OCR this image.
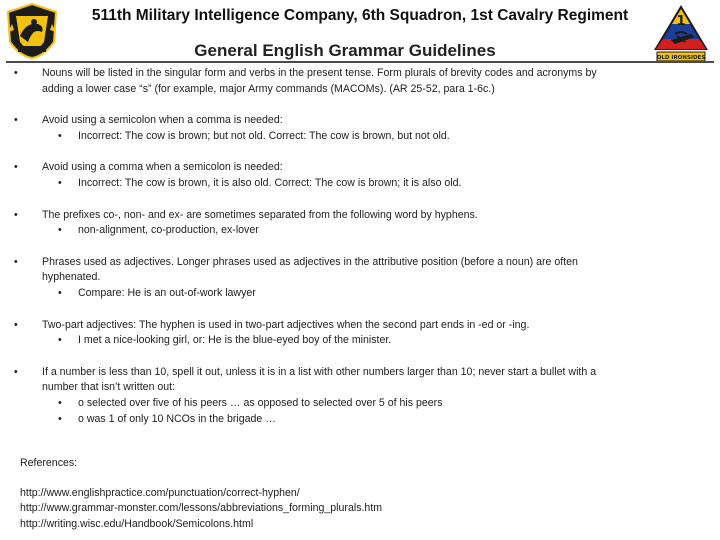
1
OLD IRONSIDES
511th Military Intelligence Company, 6th Squadron, 1st Cavalry Regiment
General English Grammar Guidelines
• Nouns will be listed in the singular form and verbs in the present tense. Form plurals of brevity codes and acronyms by
adding a lower case “s” (for example, major Army commands (MACOMs). (AR 25-52, para 1-6c.)
• Avoid using a semicolon when a comma is needed:
• Incorrect: The cow is brown; but not old. Correct: The cow is brown, but not old.
• Avoid using a comma when a semicolon is needed:
• Incorrect: The cow is brown, it is also old. Correct: The cow is brown; it is also old.
• The prefixes co-, non- and ex- are sometimes separated from the following word by hyphens.
• non-alignment, co-production, ex-lover
• Phrases used as adjectives. Longer phrases used as adjectives in the attributive position (before a noun) are often
hyphenated.
• Compare: He is an out-of-work lawyer
• Two-part adjectives: The hyphen is used in two-part adjectives when the second part ends in -ed or -ing.
• I met a nice-looking girl, or: He is the blue-eyed boy of the minister.
• If a number is less than 10, spell it out, unless it is in a list with other numbers larger than 10; never start a bullet with a
number that isn’t written out:
• o selected over five of his peers … as opposed to selected over 5 of his peers
• o was 1 of only 10 NCOs in the brigade …
References:
http://www.englishpractice.com/punctuation/correct-hyphen/
http://www.grammar-monster.com/lessons/abbreviations_forming_plurals.htm
http://writing.wisc.edu/Handbook/Semicolons.html
